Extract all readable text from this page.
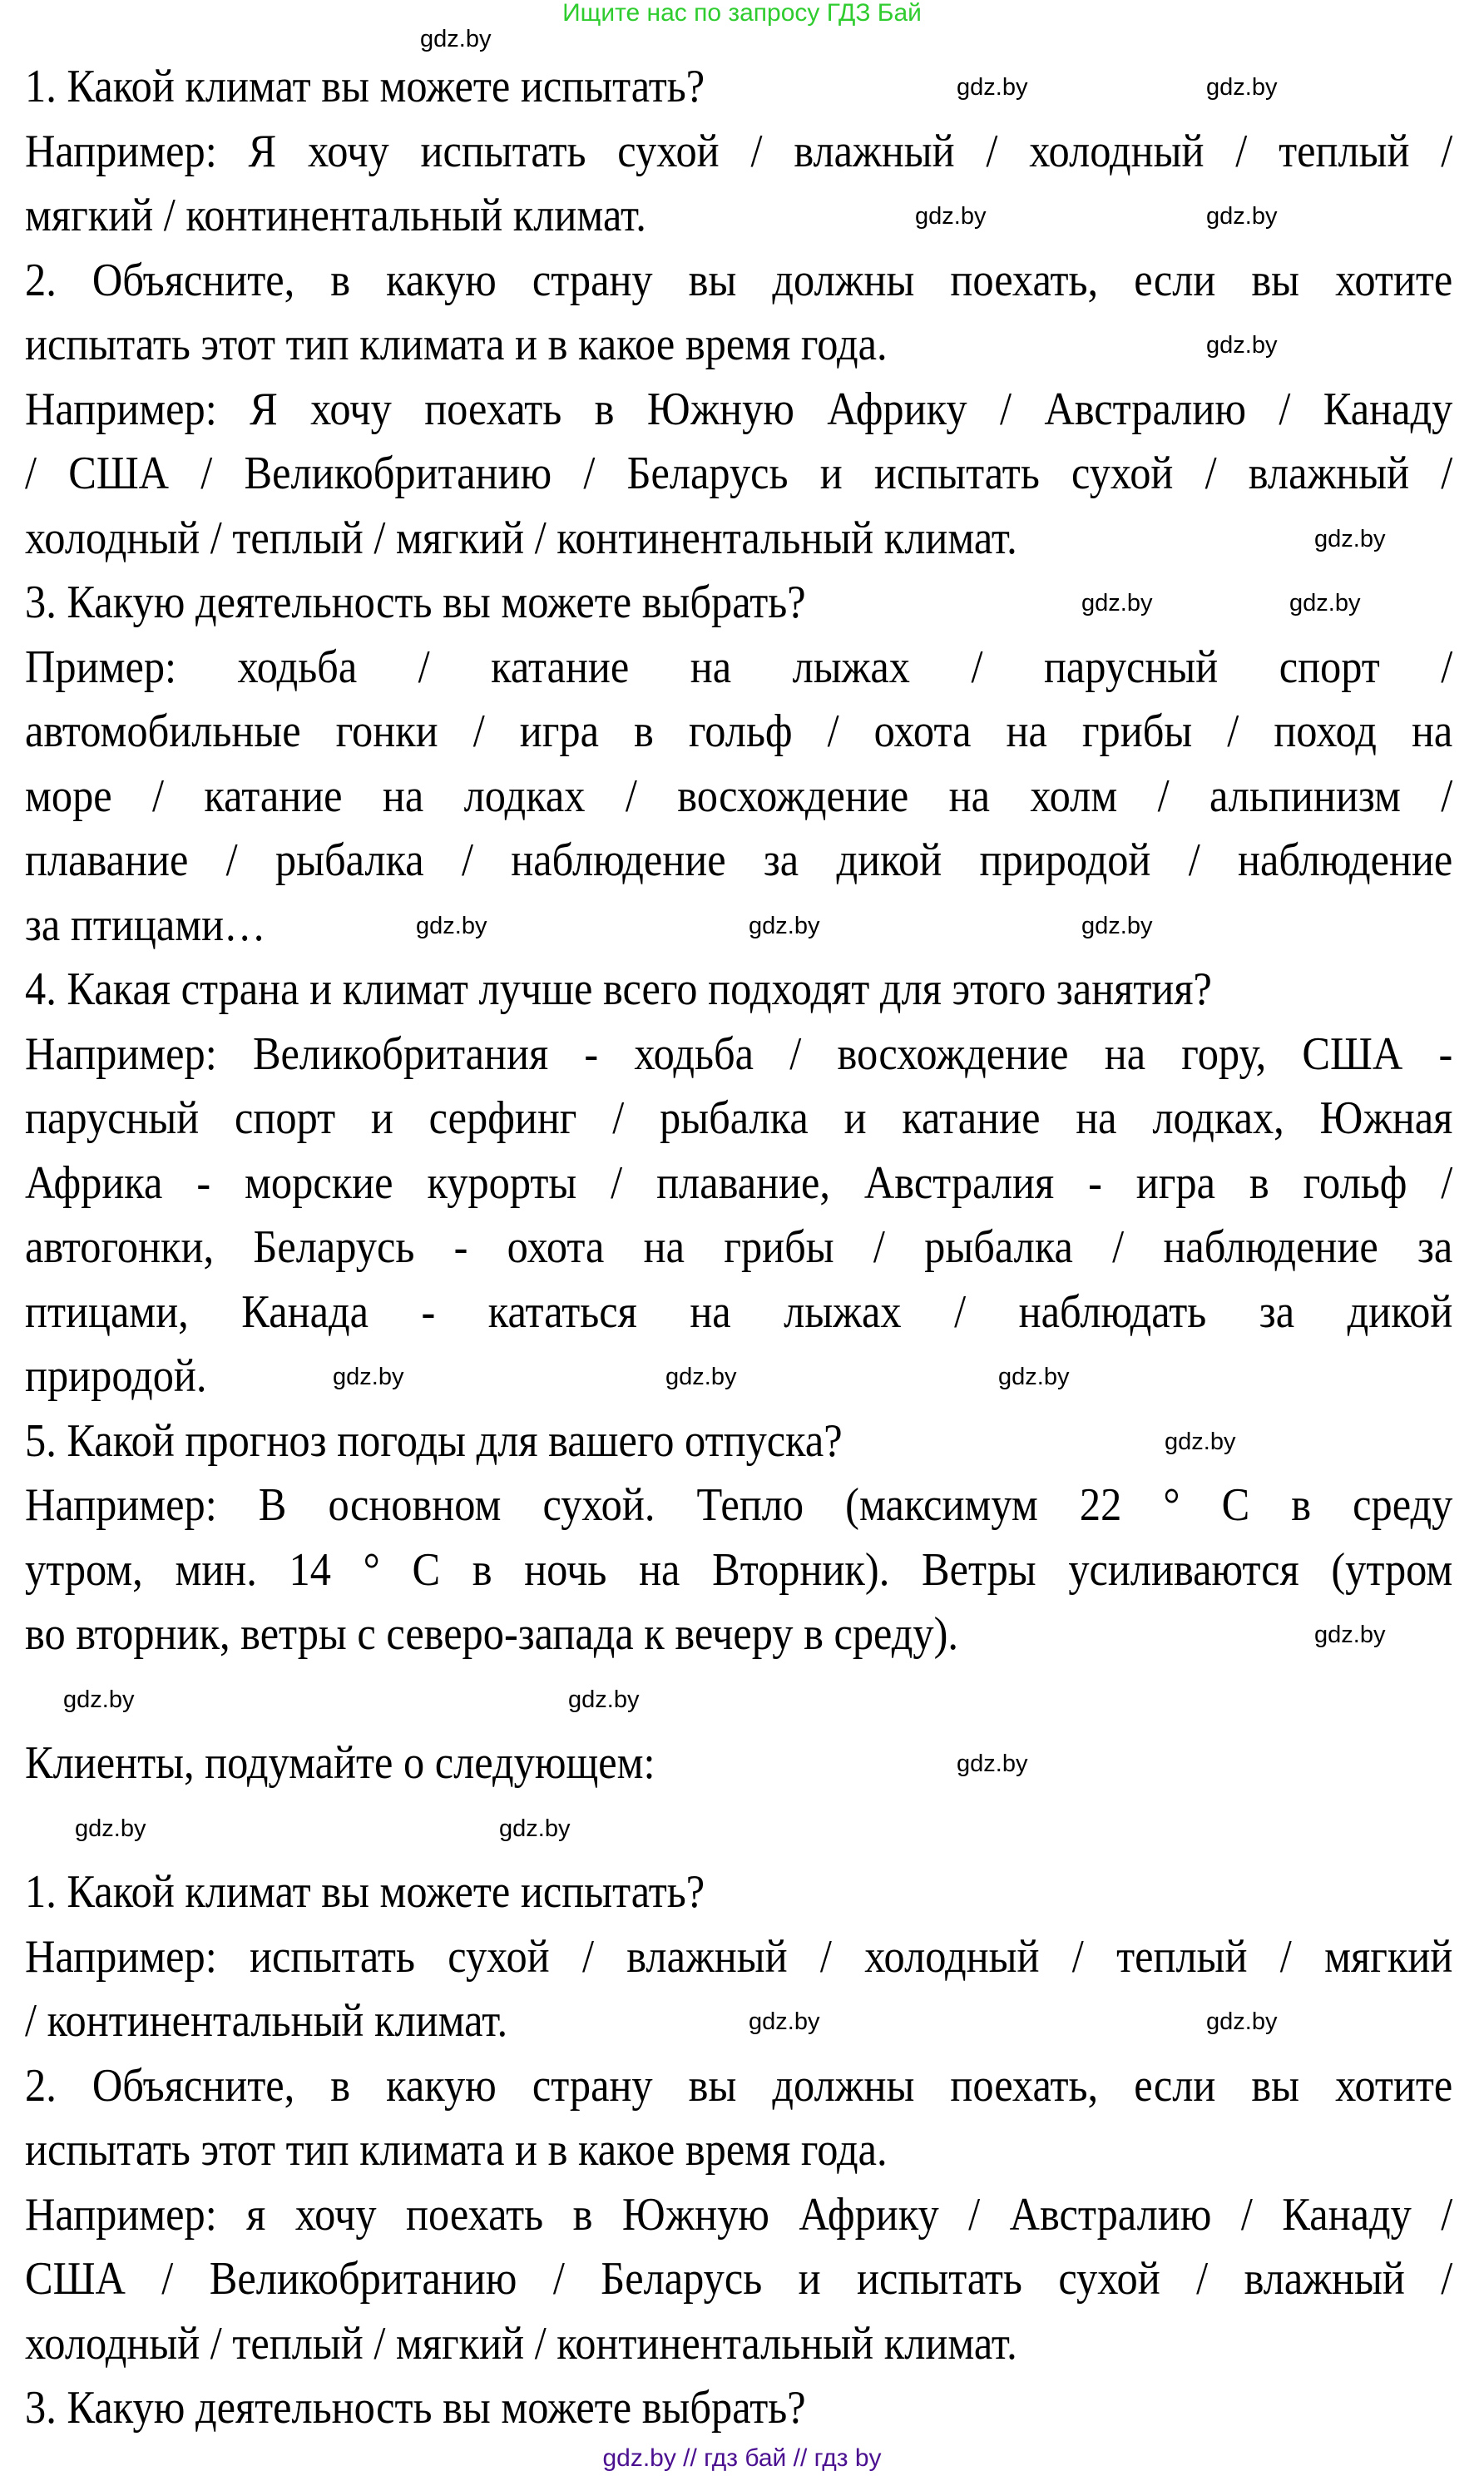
Ищите нас по запросу ГДЗ Бай
1. Какой климат вы можете испытать?
Например: Я хочу испытать сухой / влажный / холодный / теплый /
мягкий / континентальный климат.
2. Объясните, в какую страну вы должны поехать, если вы хотите
испытать этот тип климата и в какое время года.
Например: Я хочу поехать в Южную Африку / Австралию / Канаду
/ США / Великобританию / Беларусь и испытать сухой / влажный /
холодный / теплый / мягкий / континентальный климат.
3. Какую деятельность вы можете выбрать?
Пример: ходьба / катание на лыжах / парусный спорт /
автомобильные гонки / игра в гольф / охота на грибы / поход на
море / катание на лодках / восхождение на холм / альпинизм /
плавание / рыбалка / наблюдение за дикой природой / наблюдение
за птицами…
4. Какая страна и климат лучше всего подходят для этого занятия?
Например: Великобритания - ходьба / восхождение на гору, США -
парусный спорт и серфинг / рыбалка и катание на лодках, Южная
Африка - морские курорты / плавание, Австралия - игра в гольф /
автогонки, Беларусь - охота на грибы / рыбалка / наблюдение за
птицами, Канада - кататься на лыжах / наблюдать за дикой
природой.
5. Какой прогноз погоды для вашего отпуска?
Например: В основном сухой. Тепло (максимум 22 ° C в среду
утром, мин. 14 ° C в ночь на Вторник). Ветры усиливаются (утром
во вторник, ветры с северо-запада к вечеру в среду).
Клиенты, подумайте о следующем:
1. Какой климат вы можете испытать?
Например: испытать сухой / влажный / холодный / теплый / мягкий
/ континентальный климат.
2. Объясните, в какую страну вы должны поехать, если вы хотите
испытать этот тип климата и в какое время года.
Например: я хочу поехать в Южную Африку / Австралию / Канаду /
США / Великобританию / Беларусь и испытать сухой / влажный /
холодный / теплый / мягкий / континентальный климат.
3. Какую деятельность вы можете выбрать?
gdz.by
gdz.by	gdz.by
gdz.by	gdz.by
gdz.by
gdz.by
gdz.by	gdz.by
gdz.by	gdz.by	gdz.by
gdz.by	gdz.by	gdz.by
gdz.by
gdz.by
gdz.by	gdz.by
gdz.by
gdz.by	gdz.by
gdz.by	gdz.by
gdz.by // гдз бай // гдз by
